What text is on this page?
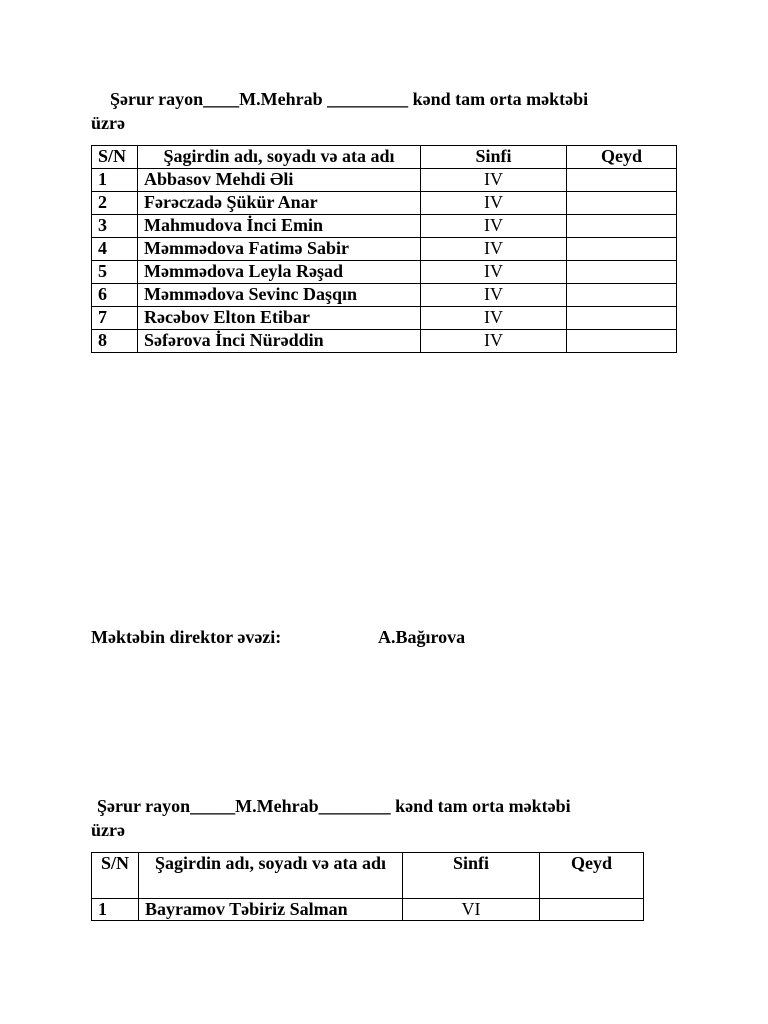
Şərur rayon____M.Mehrab _________ kənd tam orta məktəbi
üzrə
S/N	Şagirdin adı, soyadı və ata adı	Sinfi	Qeyd
1	Abbasov Mehdi Əli	IV	
2	Fərəczadə Şükür Anar	IV	
3	Mahmudova İnci Emin	IV	
4	Məmmədova Fatimə Sabir	IV	
5	Məmmədova Leyla Rəşad	IV	
6	Məmmədova Sevinc Daşqın	IV	
7	Rəcəbov Elton Etibar	IV	
8	Səfərova İnci Nürəddin	IV	
Məktəbin direktor əvəzi:	A.Bağırova
Şərur rayon_____M.Mehrab________ kənd tam orta məktəbi
üzrə
S/N	Şagirdin adı, soyadı və ata adı	Sinfi	Qeyd
1	Bayramov Təbiriz Salman	VI	
